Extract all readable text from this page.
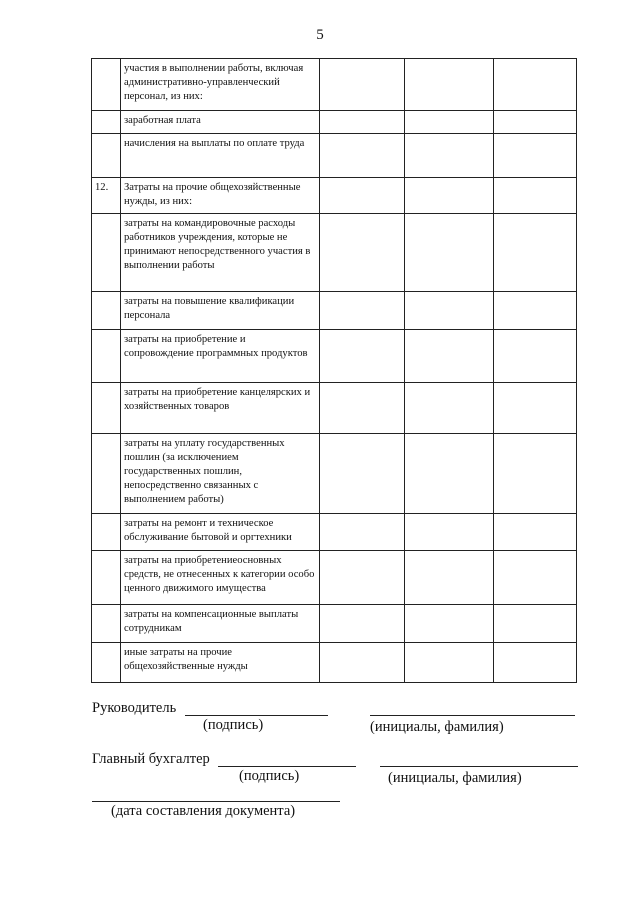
5
	участия в выполнении работы, включая административно-управленческий персонал, из них:			
	заработная плата			
	начисления на выплаты по оплате труда			
12.	Затраты на прочие общехозяйственные нужды, из них:			
	затраты на командировочные расходы работников учреждения, которые не принимают непосредственного участия в выполнении работы			
	затраты на повышение квалификации персонала			
	затраты на приобретение и сопровождение программных продуктов			
	затраты на приобретение канцелярских и хозяйственных товаров			
	затраты на уплату государственных пошлин (за исключением государственных пошлин, непосредственно связанных с выполнением работы)			
	затраты на ремонт и техническое обслуживание бытовой и оргтехники			
	затраты на приобретениеосновных средств, не отнесенных к категории особо ценного движимого имущества			
	затраты на компенсационные выплаты сотрудникам			
	иные затраты на прочие общехозяйственные нужды			
Руководитель
(подпись)	(инициалы, фамилия)
Главный бухгалтер
(подпись)	(инициалы, фамилия)
(дата составления документа)
